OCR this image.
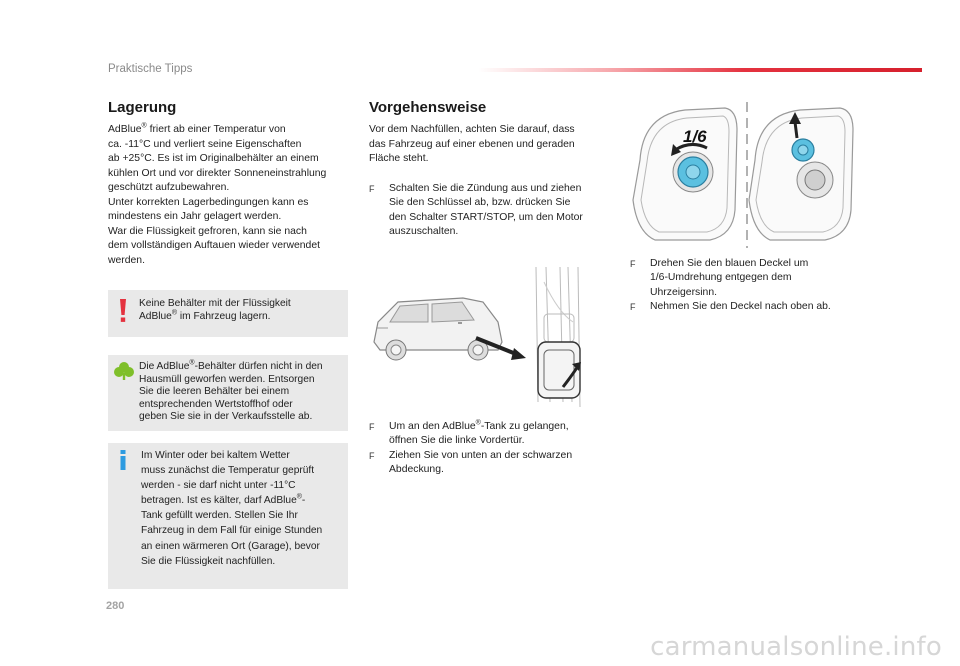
Praktische Tipps
Lagerung

AdBlue® friert ab einer Temperatur von

ca. -11°C und verliert seine Eigenschaften

ab +25°C. Es ist im Originalbehälter an einem

kühlen Ort und vor direkter Sonneneinstrahlung

geschützt aufzubewahren.

Unter korrekten Lagerbedingungen kann es

mindestens ein Jahr gelagert werden.

War die Flüssigkeit gefroren, kann sie nach

dem vollständigen Auftauen wieder verwendet

werden.

Keine Behälter mit der Flüssigkeit
AdBlue® im Fahrzeug lagern.
Die AdBlue®-Behälter dürfen nicht in den
Hausmüll geworfen werden. Entsorgen
Sie die leeren Behälter bei einem
entsprechenden Wertstoffhof oder
geben Sie sie in der Verkaufsstelle ab.
Im Winter oder bei kaltem Wetter
muss zunächst die Temperatur geprüft
werden - sie darf nicht unter -11°C
betragen. Ist es kälter, darf AdBlue®-
Tank gefüllt werden. Stellen Sie Ihr
Fahrzeug in dem Fall für einige Stunden
an einen wärmeren Ort (Garage), bevor
Sie die Flüssigkeit nachfüllen.
Vorgehensweise

Vor dem Nachfüllen, achten Sie darauf, dass

das Fahrzeug auf einer ebenen und geraden

Fläche steht.

F	Schalten Sie die Zündung aus und ziehen
Sie den Schlüssel ab, bzw. drücken Sie
den Schalter START/STOP, um den Motor
auszuschalten.
F	Um an den AdBlue®-Tank zu gelangen,
öffnen Sie die linke Vordertür.
F	Ziehen Sie von unten an der schwarzen
Abdeckung.
1/6
F	Drehen Sie den blauen Deckel um
1/6-Umdrehung entgegen dem
Uhrzeigersinn.
F	Nehmen Sie den Deckel nach oben ab.
280
carmanualsonline.info
